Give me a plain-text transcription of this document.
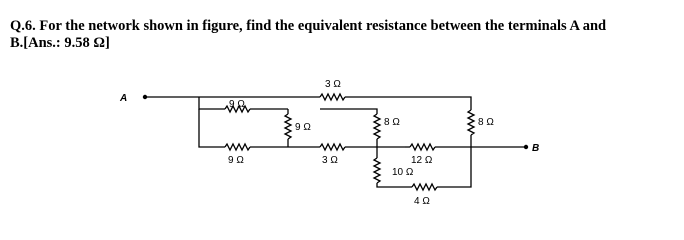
Q.6. For the network shown in figure, find the equivalent resistance between the terminals A and
B.[Ans.: 9.58 Ω]
A
3 Ω
9 Ω
9 Ω
9 Ω	3 Ω
8 Ω
10 Ω
4 Ω
12 Ω
8 Ω
B
